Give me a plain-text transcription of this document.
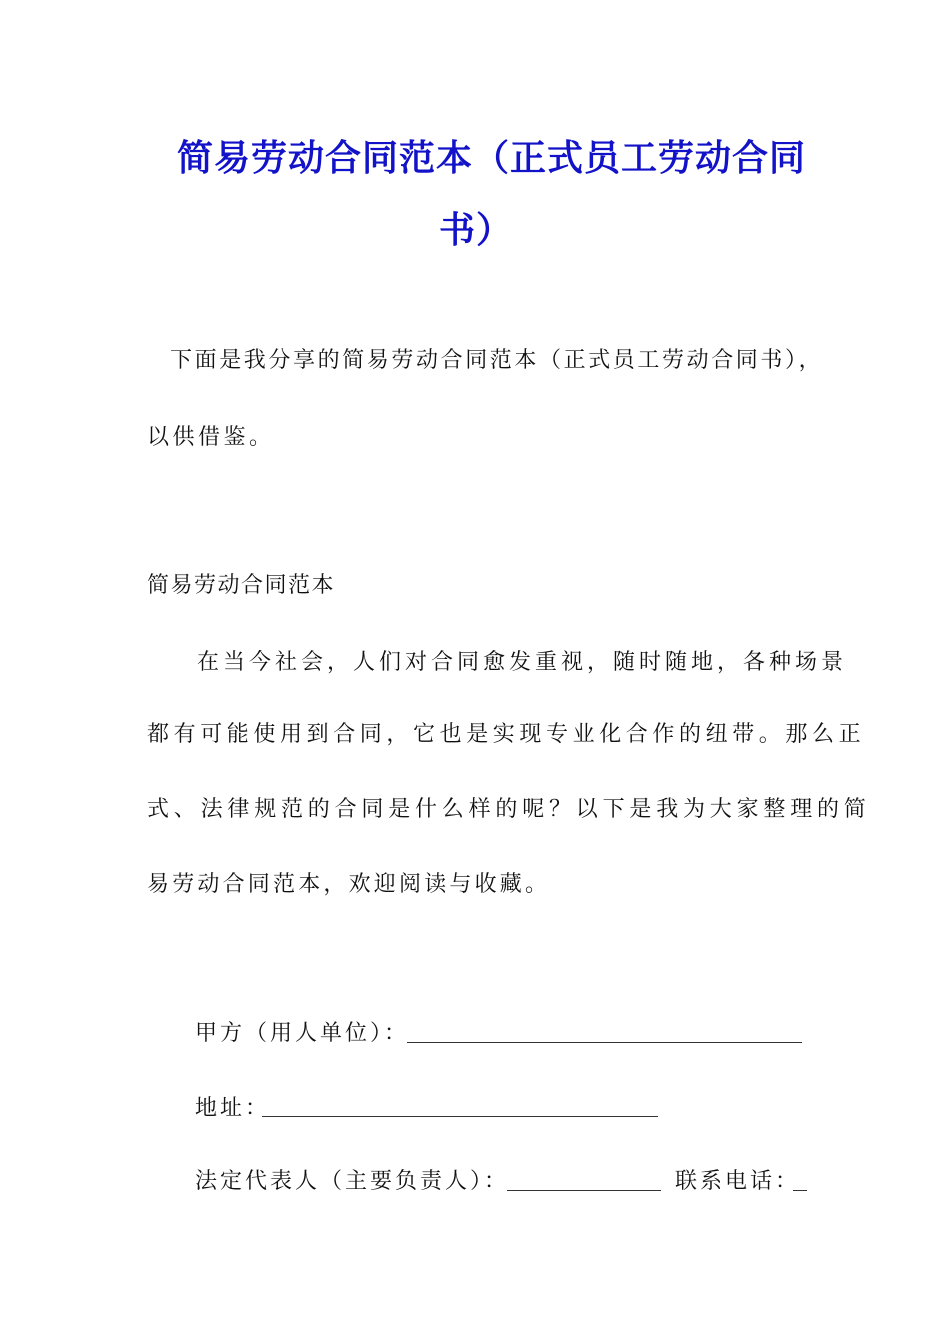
简易劳动合同范本（正式员工劳动合同
书）
下面是我分享的简易劳动合同范本（正式员工劳动合同书），
以供借鉴。
简易劳动合同范本
在当今社会，人们对合同愈发重视，随时随地，各种场景
都有可能使用到合同，它也是实现专业化合作的纽带。那么正
式、法律规范的合同是什么样的呢？以下是我为大家整理的简
易劳动合同范本，欢迎阅读与收藏。
甲方（用人单位）：
地址：
法定代表人（主要负责人）：	联系电话：
